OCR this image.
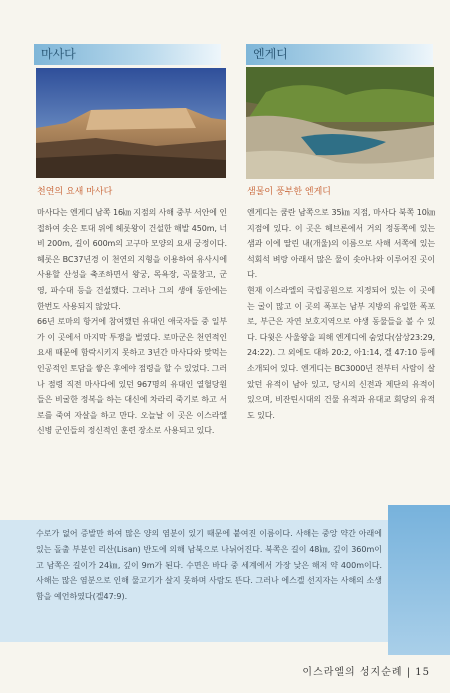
마사다
천연의 요새 마사다

마사다는 엔게디 남쪽 16㎞ 지점의 사해 중부 서안에 인접하여 솟은 토대 위에 헤롯왕이 건설한 해발 450m, 너비 200m, 길이 600m의 고구마 모양의 요새 궁정이다. 헤롯은 BC37년경 이 천연의 지형을 이용하여 유사시에 사용할 산성을 축조하면서 왕궁, 목욕장, 곡물창고, 군영, 파수대 등을 건설했다. 그러나 그의 생애 동안에는 한번도 사용되지 않았다.

66년 로마의 항거에 참여했던 유대인 애국자들 중 일부가 이 곳에서 마지막 투쟁을 벌였다. 로마군은 천연적인 요새 때문에 함락시키지 못하고 3년간 마사다와 맞먹는 인공적인 토담을 쌓은 후에야 점령을 할 수 있었다. 그러나 점령 직전 마사다에 있던 967명의 유대인 열혈당원들은 비굴한 정복을 하는 대신에 차라리 죽기로 하고 서로를 죽여 자살을 하고 만다. 오늘날 이 곳은 이스라엘 신병 군인들의 정신적인 훈련 장소로 사용되고 있다.

엔게디
샘물이 풍부한 엔게디

엔게디는 쿰란 남쪽으로 35㎞ 지점, 마사다 북쪽 10㎞ 지점에 있다. 이 곳은 헤브론에서 거의 정동쪽에 있는 샘과 이에 딸린 내(개울)의 이름으로 사해 서쪽에 있는 석회석 벼랑 아래서 많은 물이 솟아나와 이루어진 곳이다.

현재 이스라엘의 국립공원으로 지정되어 있는 이 곳에는 굴이 많고 이 곳의 폭포는 남부 지방의 유일한 폭포로, 부근은 자연 보호지역으로 야생 동물들을 볼 수 있다. 다윗은 사울왕을 피해 엔게디에 숨었다(삼상23:29, 24:22). 그 외에도 대하 20:2, 아1:14, 겔 47:10 등에 소개되어 있다. 엔게디는 BC3000년 전부터 사람이 살았던 유적이 남아 있고, 당시의 신전과 제단의 유적이 있으며, 비잔틴시대의 건물 유적과 유대교 회당의 유적도 있다.

수로가 없어 증발만 하여 많은 양의 염분이 있기 때문에 붙여진 이름이다. 사해는 중앙 약간 아래에 있는 돌출 부분인 리산(Lisan) 반도에 의해 남북으로 나뉘어진다. 북쪽은 길이 48㎞, 깊이 360m이고 남쪽은 길이가 24㎞, 깊이 9m가 된다. 수면은 바다 중 세계에서 가장 낮은 해저 약 400m이다. 사해는 많은 염분으로 인해 물고기가 살지 못하며 사람도 뜬다. 그러나 에스겔 선지자는 사해의 소생함을 예언하였다(겔47:9).

이스라엘의 성지순례 | 15
